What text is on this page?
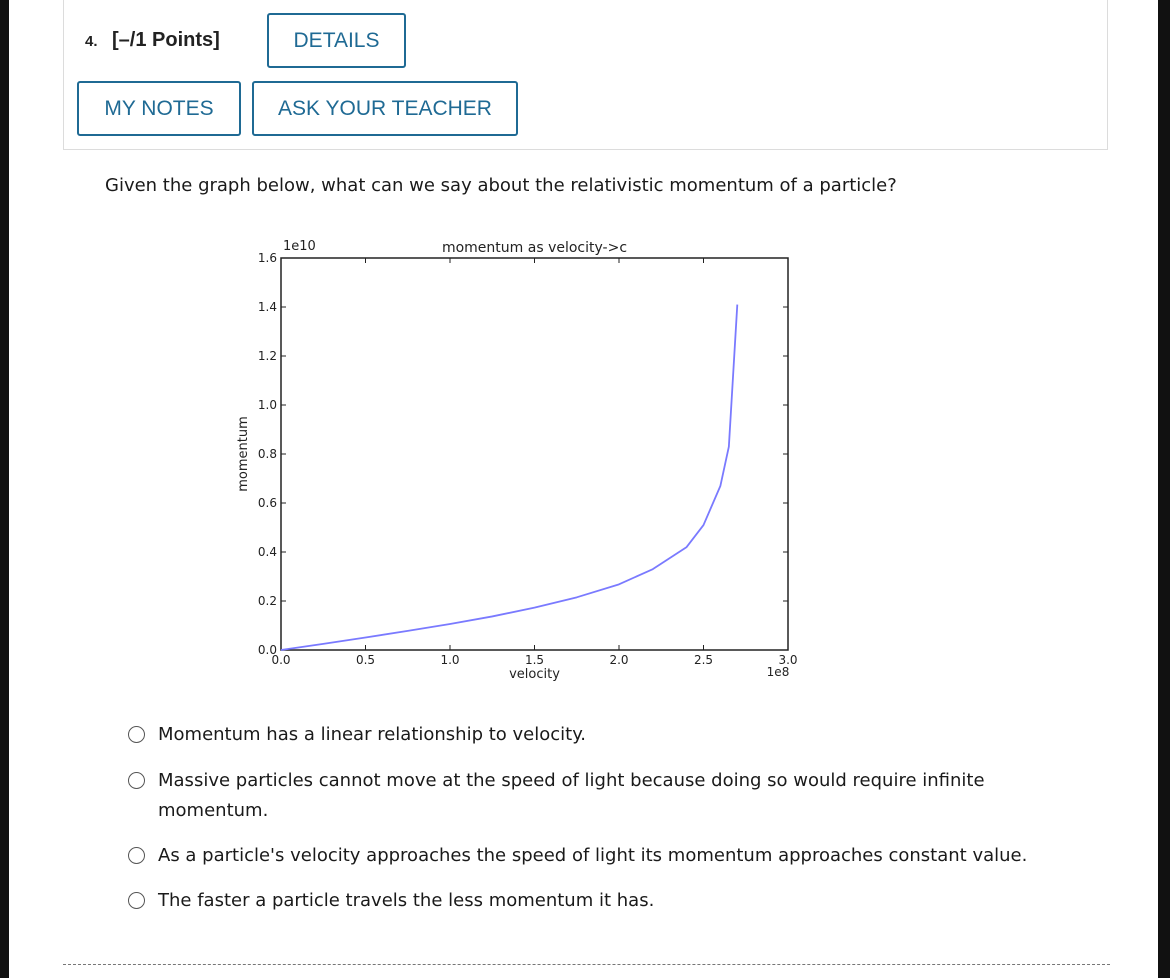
4. [–/1 Points]	DETAILS
MY NOTES	ASK YOUR TEACHER
Given the graph below, what can we say about the relativistic momentum of a particle?
0.0	0.5	1.0	1.5	2.0	2.5	3.0
0.0
0.2
0.4
0.6
0.8
1.0
1.2
1.4
1.6
momentum as velocity->c
velocity	1e8
1e10
momentum
Momentum has a linear relationship to velocity.
Massive particles cannot move at the speed of light because doing so would require infinite momentum.
As a particle's velocity approaches the speed of light its momentum approaches constant value.
The faster a particle travels the less momentum it has.
